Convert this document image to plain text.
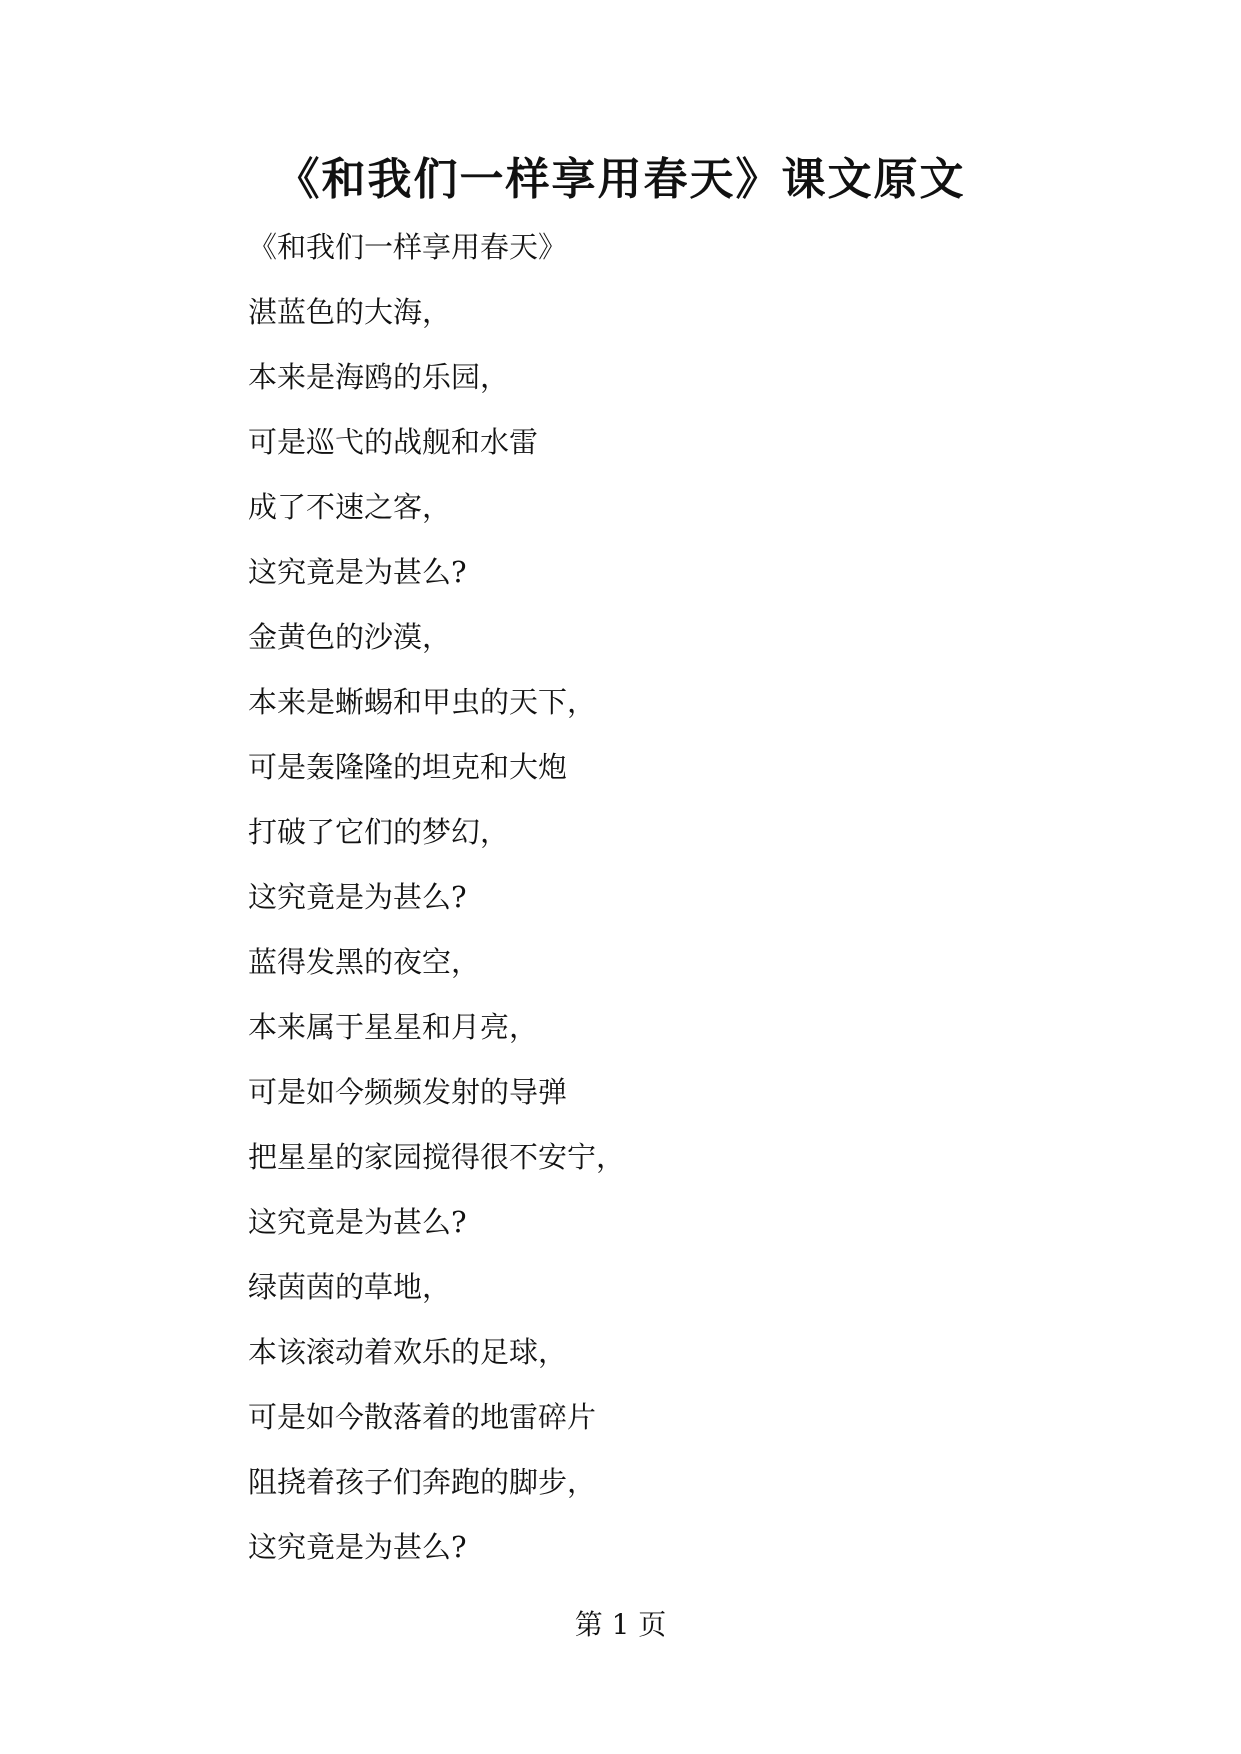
《和我们一样享用春天》课文原文
《和我们一样享用春天》
湛蓝色的大海，
本来是海鸥的乐园，
可是巡弋的战舰和水雷
成了不速之客，
这究竟是为甚么?
金黄色的沙漠，
本来是蜥蜴和甲虫的天下，
可是轰隆隆的坦克和大炮
打破了它们的梦幻，
这究竟是为甚么?
蓝得发黑的夜空，
本来属于星星和月亮，
可是如今频频发射的导弹
把星星的家园搅得很不安宁，
这究竟是为甚么?
绿茵茵的草地，
本该滚动着欢乐的足球，
可是如今散落着的地雷碎片
阻挠着孩子们奔跑的脚步，
这究竟是为甚么?
第 1 页
